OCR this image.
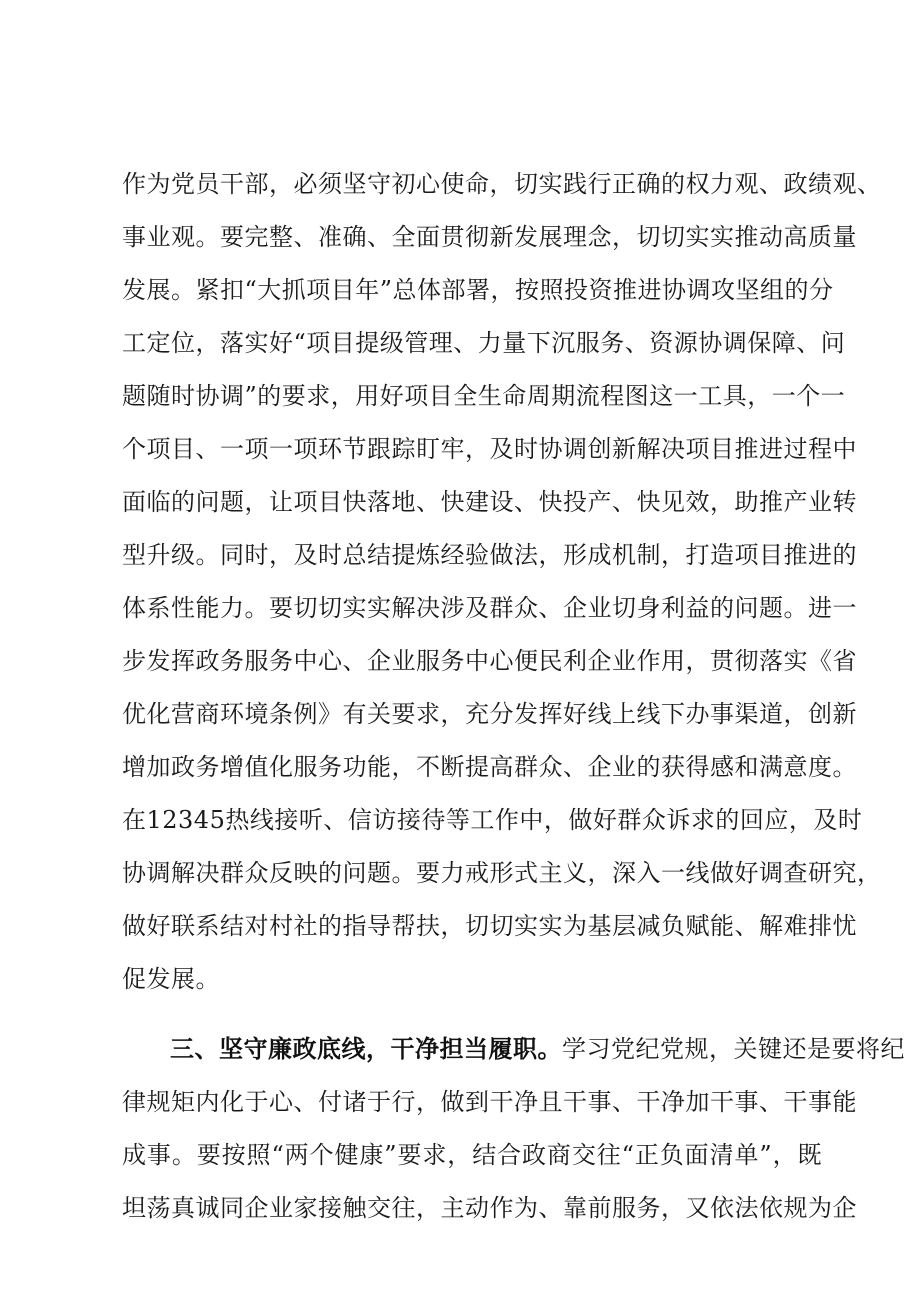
作为党员干部，必须坚守初心使命，切实践行正确的权力观、政绩观、
事业观。要完整、准确、全面贯彻新发展理念，切切实实推动高质量
发展。紧扣“大抓项目年”总体部署，按照投资推进协调攻坚组的分
工定位，落实好“项目提级管理、力量下沉服务、资源协调保障、问
题随时协调”的要求，用好项目全生命周期流程图这一工具，一个一
个项目、一项一项环节跟踪盯牢，及时协调创新解决项目推进过程中
面临的问题，让项目快落地、快建设、快投产、快见效，助推产业转
型升级。同时，及时总结提炼经验做法，形成机制，打造项目推进的
体系性能力。要切切实实解决涉及群众、企业切身利益的问题。进一
步发挥政务服务中心、企业服务中心便民利企业作用，贯彻落实《省
优化营商环境条例》有关要求，充分发挥好线上线下办事渠道，创新
增加政务增值化服务功能，不断提高群众、企业的获得感和满意度。
在12345热线接听、信访接待等工作中，做好群众诉求的回应，及时
协调解决群众反映的问题。要力戒形式主义，深入一线做好调查研究，
做好联系结对村社的指导帮扶，切切实实为基层减负赋能、解难排忧
促发展。
三、坚守廉政底线，干净担当履职。学习党纪党规，关键还是要将纪
律规矩内化于心、付诸于行，做到干净且干事、干净加干事、干事能
成事。要按照“两个健康”要求，结合政商交往“正负面清单”，既
坦荡真诚同企业家接触交往，主动作为、靠前服务，又依法依规为企
